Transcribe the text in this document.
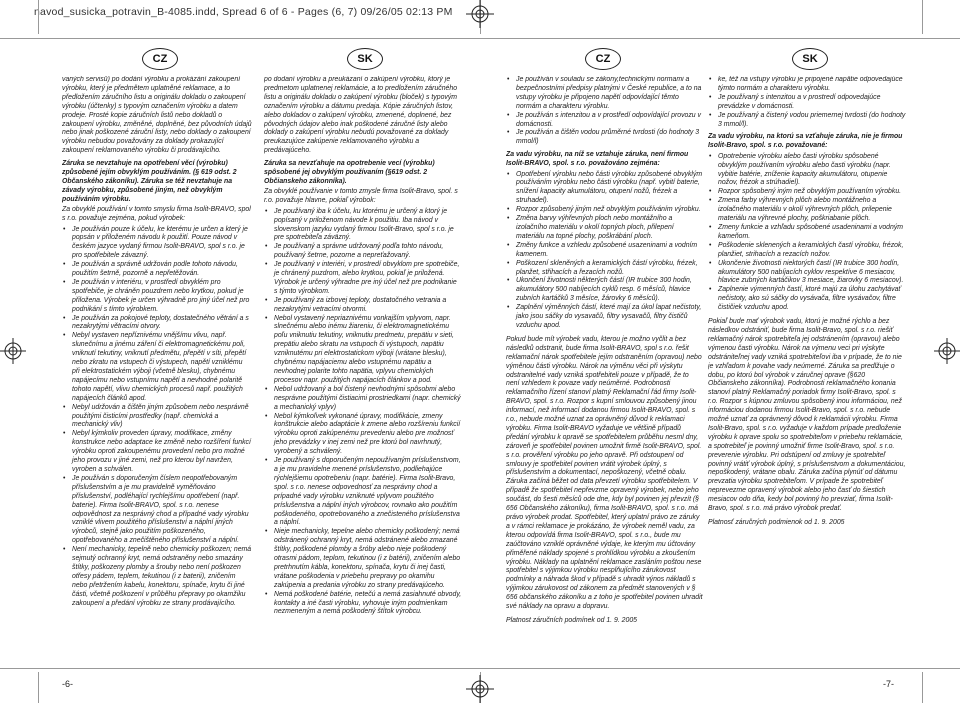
navod_susicka_potravin_B-4085.indd, Spread 6 of 6 - Pages (6, 7) 09/26/05 02:13 PM
CZ	SK	CZ	SK

vaných servisů) po dodání výrobku a prokázání zakoupení výrobku, který je předmětem uplatněné reklamace, a to předložením záručního listu a originálu dokladu o zakoupení výrobku (účtenky) s typovým označením výrobku a datem prodeje. Prosté kopie záručních listů nebo dokladů o zakoupení výrobku, změněné, doplněné, bez původních údajů nebo jinak poškozené záruční listy, nebo doklady o zakoupení výrobku nebudou považovány za doklady prokazující zakoupení reklamovaného výrobku či prodávajícího.

Záruka se nevztahuje na opotřebení věcí (výrobku) způsobené jejím obvyklým používáním. (§ 619 odst. 2 Občanského zákoníku). Záruka se též nevztahuje na závady výrobku, způsobené jiným, než obvyklým používáním výrobku.

Za obvyklé používání v tomto smyslu firma Isolit-BRAVO, spol s r.o. považuje zejména, pokud výrobek:

• Je používán pouze k účelu, ke kterému je určen a který je popsán v přiloženém návodu k použití. Pouze návod v českém jazyce vydaný firmou Isolit-BRAVO, spol s r.o. je pro spotřebitele závazný.
• Je používán a správně udržován podle tohoto návodu, použitím šetrně, pozorně a nepřetěžován.
• Je používán v interiéru, v prostředí obvyklém pro spotřebiče, je chráněn pouzdrem nebo krytkou, pokud je přiložena. Výrobek je určen výhradně pro jiný účel než pro podnikání s tímto výrobkem.
• Je používán za pokojové teploty, dostatečného větrání a s nezakrytými větracími otvory.
• Nebyl vystaven nepříznivému vnějšímu vlivu, např. slunečnímu a jinému záření či elektromagnetickému poli, vniknutí tekutiny, vniknutí předmětu, přepětí v síti, přepětí nebo zkratu na vstupech či výstupech, napětí vzniklému při elektrostatickém výboji (včetně blesku), chybnému napájecímu nebo vstupnímu napětí a nevhodné polaritě tohoto napětí, vlivu chemických procesů např. použitých napájecích článků apod.
• Nebyl udržován a čištěn jiným způsobem nebo nesprávně použitými čisticími prostředky (např. chemická a mechanický vliv)
• Nebyl kýmkoliv proveden úpravy, modifikace, změny konstrukce nebo adaptace ke změně nebo rozšíření funkcí výrobku oproti zakoupenému provedení nebo pro možné jeho provozu v jiné zemi, než pro kterou byl navržen, vyroben a schválen.
• Je používán s doporučeným číslem neopotřebovaným příslušenstvím a je mu pravidelně vyměňováno příslušenství, podléhající rychlejšímu opotřebení (např. baterie). Firma Isolit-BRAVO, spol. s r.o. nenese odpovědnost za nesprávný chod a případné vady výrobku vzniklé vlivem použitého příslušenství a náplní jiných výrobců, stejně jako použitím poškozeného, opotřebovaného a znečištěného příslušenství a náplní.
• Není mechanicky, tepelně nebo chemicky poškozen; nemá sejmutý ochranný kryt, nemá odstraněny nebo smazány štítky, poškozeny plomby a šrouby nebo není poškozen otřesy pádem, teplem, tekutinou (i z baterii), zničením nebo přetržením kabelu, konektoru, spínače, krytu či jiné části, včetně poškození v průběhu přepravy po okamžiku zakoupení a předání výrobku ze strany prodávajícího.

po dodaní výrobku a preukázaní o zakúpení výrobku, ktorý je predmetom uplatnenej reklamácie, a to predložením záručného listu a originálu dokladu o zakúpení výrobku (bloček) s typovým označením výrobku a dátumu predaja. Kópie záručných listov, alebo dokladov o zakúpení výrobku, zmenené, doplnené, bez pôvodných údajov alebo inak poškodené záručné listy alebo doklady o zakúpení výrobku nebudú považované za doklady preukazujúce zakúpenie reklamovaného výrobku a predávajúceho.

Záruka sa nevzťahuje na opotrebenie vecí (výrobku) spôsobené jej obvyklým používaním (§619 odst. 2 Občianskeho zákonníka).

Za obvyklé používanie v tomto zmysle firma Isolit-Bravo, spol. s r.o. považuje hlavne, pokiaľ výrobok:

• Je používaný iba k účelu, ku ktorému je určený a ktorý je popísaný v priloženom návode k použitiu. Iba návod v slovenskom jazyku vydaný firmou Isolit-Bravo, spol s r.o. je pre spotrebiteľa záväzný.
• Je používaný a správne udržovaný podľa tohto návodu, používaný šetrne, pozorne a nepreťažovaný.
• Je používaný v interiéri, v prostredí obvyklom pre spotrebiče, je chránený puzdrom, alebo krytkou, pokiaľ je priložená. Výrobok je určený výhradne pre iný účel než pre podnikanie s týmto výrobkom.
• Je používaný za izbovej teploty, dostatočného vetrania a nezakrytými vetracími otvormi.
• Nebol vystavený nepriaznivému vonkajším vplyvom, napr. slnečnému alebo inému žiareniu, či elektromagnetickému poľu vniknutiu tekutiny, vniknutiu predmetu, prepätiu v sieti, prepätiu alebo skratu na vstupoch či výstupoch, napätiu vzniknutému pri elektrostatickom výboji (vrátane blesku), chybnému napájaciemu alebo vstupnému napätiu a nevhodnej polarite tohto napätia, vplyvu chemických procesov napr. použitých napájacích článkov a pod.
• Nebol udržovaný a bol čistený nevhodnými spôsobmi alebo nesprávne použitými čistiacimi prostriedkami (napr. chemický a mechanický vplyv)
• Nebol kýmkoľvek vykonané úpravy, modifikácie, zmeny konštrukcie alebo adaptácie k zmene alebo rozšíreniu funkcií výrobku oproti zakúpenému prevedeniu alebo pre možnosť jeho prevádzky v inej zemi než pre ktorú bol navrhnutý, vyrobený a schválený.
• Je používaný s doporučeným nepoužívaným príslušenstvom, a je mu pravidelne menené príslušenstvo, podliehajúce rýchlejšiemu opotrebeniu (napr. batérie). Firma Isolit-Bravo, spol. s r.o. nenese odpovednosť za nesprávny chod a prípadné vady výrobku vzniknuté vplyvom použitého príslušenstva a náplní iných výrobcov, rovnako ako použitím poškodeného, opotrebovaného a znečisteného príslušenstva a náplní.
• Nieje mechanicky, tepelne alebo chemicky poškodený; nemá odstránený ochranný kryt, nemá odstránené alebo zmazané štítky, poškodené plomby a šróby alebo nieje poškodený otrasmi pádom, teplom, tekutinou (i z batérii), zničením alebo pretrhnutím kábla, konektoru, spínača, krytu či inej časti, vrátane poškodenia v priebehu prepravy po okamihu zakúpenia a predania výrobku zo strany predávajúceho.
• Nemá poškodené batérie, netečú a nemá zasiahnuté obvody, kontakty a iné časti výrobku, vyhovuje iným podmienkam nezmeneným a nemá poškodený štítok výrobcu.
• Je používán v souladu se zákony,technickými normami a bezpečnostními předpisy platnými v České republice, a to na vstupy výrobku je připojeno napětí odpovídající těmto normám a charakteru výrobku.
• Je používán s intenzitou a v prostředí odpovídající provozu v domácnosti.
• Je používán a čištěn vodou průměrné tvrdosti (do hodnoty 3 mmol/l)

Za vadu výrobku, na níž se vztahuje záruka, není firmou Isolit-BRAVO, spol. s r.o. považováno zejména:

• Opotřebení výrobku nebo části výrobku způsobené obvyklým používáním výrobku nebo části výrobku (např. vybití baterie, snížení kapacity akumulátoru, otupení nožů, frézek a struhadel).
• Rozpor způsobený jiným než obvyklým používáním výrobku.
• Změna barvy výhřevných ploch nebo montážního a izolačního materiálu v okolí topných ploch, přilepení materiálu na topné plochy, poškrábání ploch.
• Změny funkce a vzhledu způsobené usazeninami a vodním kamenem.
• Poškození skleněných a keramických částí výrobku, frézek, planžet, střihacích a řezacích nožů.
• Ukončení životnosti některých částí (IR trubice 300 hodin, akumulátory 500 nabíjecích cyklů resp. 6 měsíců, hlavice zubních kartáčků 3 měsíce, žárovky 6 měsíců).
• Zaplnění výměnných částí, které mají za úkol lapat nečistoty, jako jsou sáčky do vysavačů, filtry vysavačů, filtry čističů vzduchu apod.

Pokud bude mít výrobek vadu, kterou je možno vyčlit a bez následků odstranit, bude firma Isolit-BRAVO, spol s r.o. řešit reklamační nárok spotřebitele jejím odstraněním (opravou) nebo výměnou části výrobku. Nárok na výměnu věci při výskytu odstranitelné vady vzniká spotřebiteli pouze v případě, že to není vzhledem k povaze vady neúměrné. Podrobnosti reklamačního řízení stanoví platný Reklamační řád firmy Isolit-BRAVO, spol. s r.o. Rozpor s kupní smlouvou způsobený jinou informací, než informací dodanou firmou Isolit-BRAVO, spol. s r.o., nebude možné uznat za oprávněný důvod k reklamaci výrobku. Firma Isolit-BRAVO vyžaduje ve většině případů předání výrobku k opravě se spotřebitelem průběhu nesml dny, zároveň je spotřebitel povinen umožnit firmě Isolit-BRAVO, spol. s r.o. prověření výrobku po jeho opravě. Při odstoupení od smlouvy je spotřebitel povinen vrátit výrobek úplný, s příslušenstvím a dokumentací, nepoškozený, včetně obalu. Záruka začíná běžet od data převzetí výrobku spotřebitelem. V případě že spotřebitel nepřevzme opravený výrobek, nebo jeho součást, do šesti měsíců ode dne, kdy byl povinen jej převzít (§ 656 Občanského zákoníku), firma Isolit-BRAVO, spol. s r.o. má právo výrobek prodat. Spotřebitel, který uplatní právo ze záruky a v rámci reklamace je prokázáno, že výrobek neměl vadu, za kterou odpovídá firma Isolit-BRAVO, spol. s r.o., bude mu zaúčtováno vzniklé oprávněné výdaje, ke kterým mu účtovány přiměřené náklady spojené s prohlídkou výrobku a zkoušením výrobku. Náklady na uplatnění reklamace zasláním poštou nese spotřebitel s výjimkou výrobku nesplňujícího zárukovost podmínky a náhrada škod v případě s uhradit výnos nákladů s výjimkou zárukovost od zákonem za předmět stanovených v § 656 občanského zákoníku a z toho je spotřebitel povinen uhradit své náklady na opravu a dopravu.

Platnost záručních podmínek od 1. 9. 2005

• ke, též na vstupy výrobku je pripojené napätie odpovedajúce týmto normám a charakteru výrobku.
• Je používaný s intenzitou a v prostredí odpovedajúce prevádzke v domácnosti.
• Je používaný a čistený vodou priemernej tvrdosti (do hodnoty 3 mmol/l).

Za vadu výrobku, na ktorú sa vzťahuje záruka, nie je firmou Isolit-Bravo, spol. s r.o. považované:

• Opotrebenie výrobku alebo časti výrobku spôsobené obvyklým používaním výrobku alebo časti výrobku (napr. vybitie batérie, zníženie kapacity akumulátoru, otupenie nožov, frézok a strúhadiel).
• Rozpor spôsobený iným než obvyklým používaním výrobku.
• Zmena farby výhrevných plôch alebo montážneho a izolačného materiálu v okolí výhrevných plôch, prilepenie materiálu na výhrevné plochy, poškriabanie plôch.
• Zmeny funkcie a vzhľadu spôsobené usadeninami a vodným kameňom.
• Poškodenie sklenených a keramických častí výrobku, frézok, planžiet, strihacích a rezacích nožov.
• Ukončenie životnosti niektorých častí (IR trubice 300 hodín, akumulátory 500 nabíjacích cyklov respektíve 6 mesiacov, hlavice zubných kartáčikov 3 mesiace, žiarovky 6 mesiacov).
• Zaplnenie výmenných častí, ktoré majú za úlohu zachytávať nečistoty, ako sú sáčky do vysávača, filtre vysávačov, filtre čističiek vzduchu apod.

Pokiaľ bude mať výrobok vadu, ktorú je možné rýchlo a bez následkov odstrániť, bude firma Isolit-Bravo, spol. s r.o. riešiť reklamačný nárok spotrebiteľa jej odstránením (opravou) alebo výmenou časti výrobku. Nárok na výmenu veci pri výskyte odstrániteľnej vady vzniká spotrebiteľovi iba v prípade, že to nie je vzhľadom k povahe vady neúmerné. Záruka sa predlžuje o dobu, po ktorú bol výrobok v záručnej oprave (§620 Občianskeho zákonníka). Podrobnosti reklamačného konania stanoví platný Reklamačný poriadok firmy Isolit-Bravo, spol. s r.o. Rozpor s kúpnou zmluvou spôsobený inou informáciou, než informáciou dodanou firmou Isolit-Bravo, spol. s r.o. nebude možné uznať za oprávnený dôvod k reklamácii výrobku. Firma Isolit-Bravo, spol. s r.o. vyžaduje v každom prípade predloženie výrobku k oprave spolu so spotrebiteľom v priebehu reklamácie, a spotrebiteľ je povinný umožniť firme Isolit-Bravo, spol. s r.o. preverenie výrobku. Pri odstúpení od zmluvy je spotrebiteľ povinný vrátiť výrobok úplný, s príslušenstvom a dokumentáciou, nepoškodený, vrátane obalu. Záruka začína plynúť od dátumu prevzatia výrobku spotrebiteľom. V prípade že spotrebiteľ neprevezme opravený výrobok alebo jeho časť do šiestich mesiacov odo dňa, kedy bol povinný ho prevziať, firma Isolit-Bravo, spol. s r.o. má právo výrobok predať.

Platnosť záručných podmienok od 1. 9. 2005

-6-	-7-
